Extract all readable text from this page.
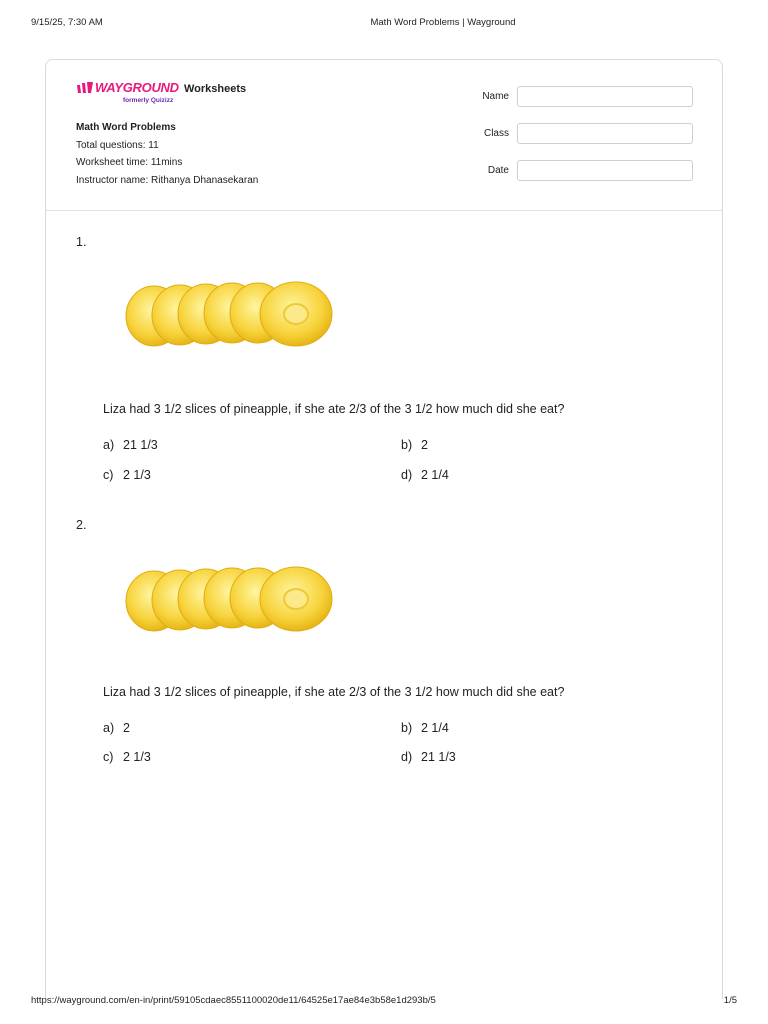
9/15/25, 7:30 AM	Math Word Problems | Wayground
WAYGROUND
formerly Quizizz
Worksheets
Math Word Problems
Total questions: 11
Worksheet time: 11mins
Instructor name: Rithanya Dhanasekaran
Name
Class
Date
1.
Liza had 3 1/2 slices of pineapple, if she ate 2/3 of the 3 1/2 how much did she eat?
a) 21 1/3	b) 2
c) 2 1/3	d) 2 1/4
2.
Liza had 3 1/2 slices of pineapple, if she ate 2/3 of the 3 1/2 how much did she eat?
a) 2	b) 2 1/4
c) 2 1/3	d) 21 1/3
https://wayground.com/en-in/print/59105cdaec8551100020de11/64525e17ae84e3b58e1d293b/5	1/5
